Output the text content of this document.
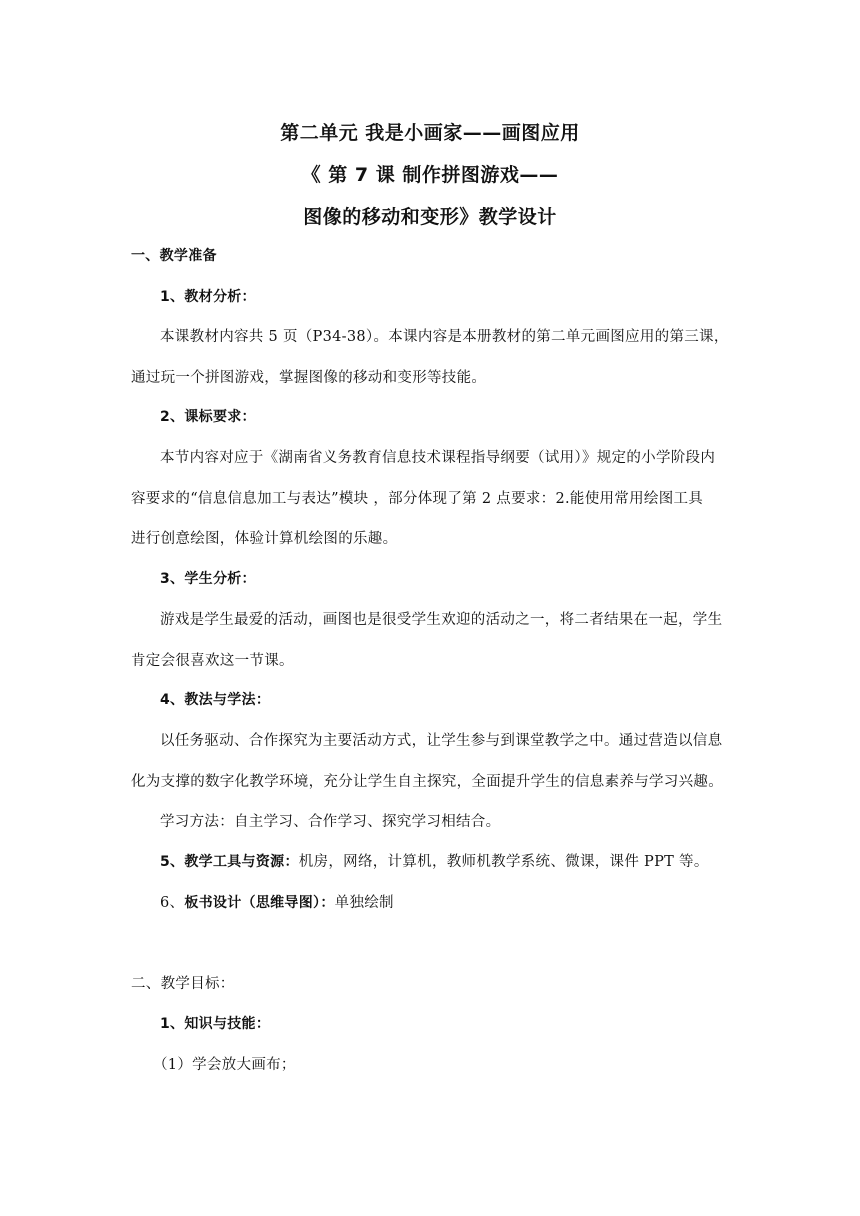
第二单元 我是小画家——画图应用
《 第 7 课 制作拼图游戏——
图像的移动和变形》教学设计
一、教学准备
1、教材分析：
本课教材内容共 5 页（P34-38）。本课内容是本册教材的第二单元画图应用的第三课，
通过玩一个拼图游戏，掌握图像的移动和变形等技能。
2、课标要求：
本节内容对应于《湖南省义务教育信息技术课程指导纲要（试用）》规定的小学阶段内
容要求的“信息信息加工与表达”模块 ，部分体现了第 2 点要求：2.能使用常用绘图工具
进行创意绘图，体验计算机绘图的乐趣。
3、学生分析：
游戏是学生最爱的活动，画图也是很受学生欢迎的活动之一，将二者结果在一起，学生
肯定会很喜欢这一节课。
4、教法与学法：
以任务驱动、合作探究为主要活动方式，让学生参与到课堂教学之中。通过营造以信息
化为支撑的数字化教学环境，充分让学生自主探究，全面提升学生的信息素养与学习兴趣。
学习方法：自主学习、合作学习、探究学习相结合。
5、教学工具与资源：机房，网络，计算机，教师机教学系统、微课，课件 PPT 等。
6、板书设计（思维导图）：单独绘制
二、教学目标：
1、知识与技能：
（1）学会放大画布；
